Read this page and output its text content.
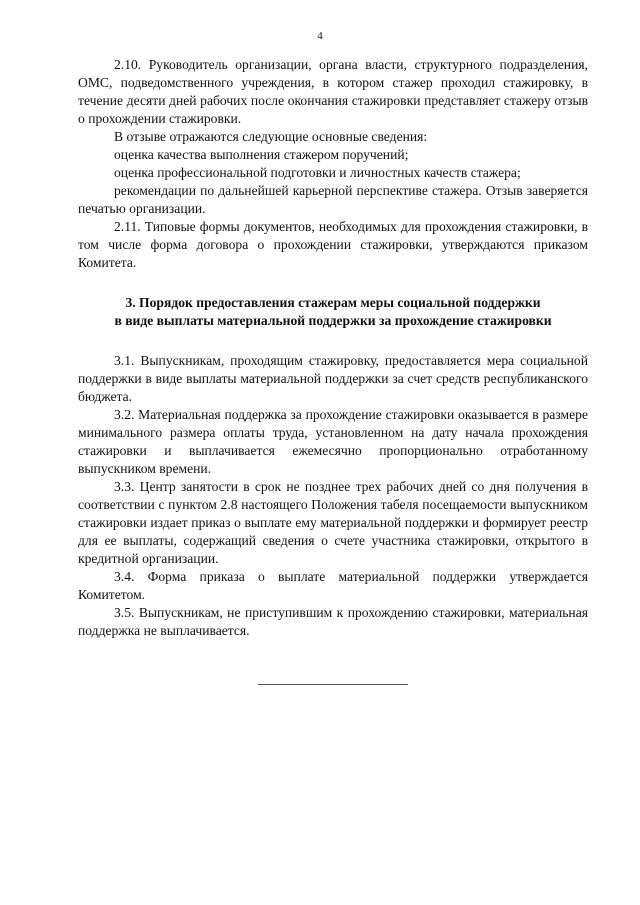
4

2.10. Руководитель организации, органа власти, структурного подразделения, ОМС, подведомственного учреждения, в котором стажер проходил стажировку, в течение десяти дней рабочих после окончания стажировки представляет стажеру отзыв о прохождении стажировки.

В отзыве отражаются следующие основные сведения:

оценка качества выполнения стажером поручений;

оценка профессиональной подготовки и личностных качеств стажера;

рекомендации по дальнейшей карьерной перспективе стажера. Отзыв заверяется печатью организации.

2.11. Типовые формы документов, необходимых для прохождения стажировки, в том числе форма договора о прохождении стажировки, утверждаются приказом Комитета.

3. Порядок предоставления стажерам меры социальной поддержки
в виде выплаты материальной поддержки за прохождение стажировки

3.1. Выпускникам, проходящим стажировку, предоставляется мера социальной поддержки в виде выплаты материальной поддержки за счет средств республиканского бюджета.

3.2. Материальная поддержка за прохождение стажировки оказывается в размере минимального размера оплаты труда, установленном на дату начала прохождения стажировки и выплачивается ежемесячно пропорционально отработанному выпускником времени.

3.3. Центр занятости в срок не позднее трех рабочих дней со дня получения в соответствии с пунктом 2.8 настоящего Положения табеля посещаемости выпускником стажировки издает приказ о выплате ему материальной поддержки и формирует реестр для ее выплаты, содержащий сведения о счете участника стажировки, открытого в кредитной организации.

3.4. Форма приказа о выплате материальной поддержки утверждается Комитетом.

3.5. Выпускникам, не приступившим к прохождению стажировки, материальная поддержка не выплачивается.
